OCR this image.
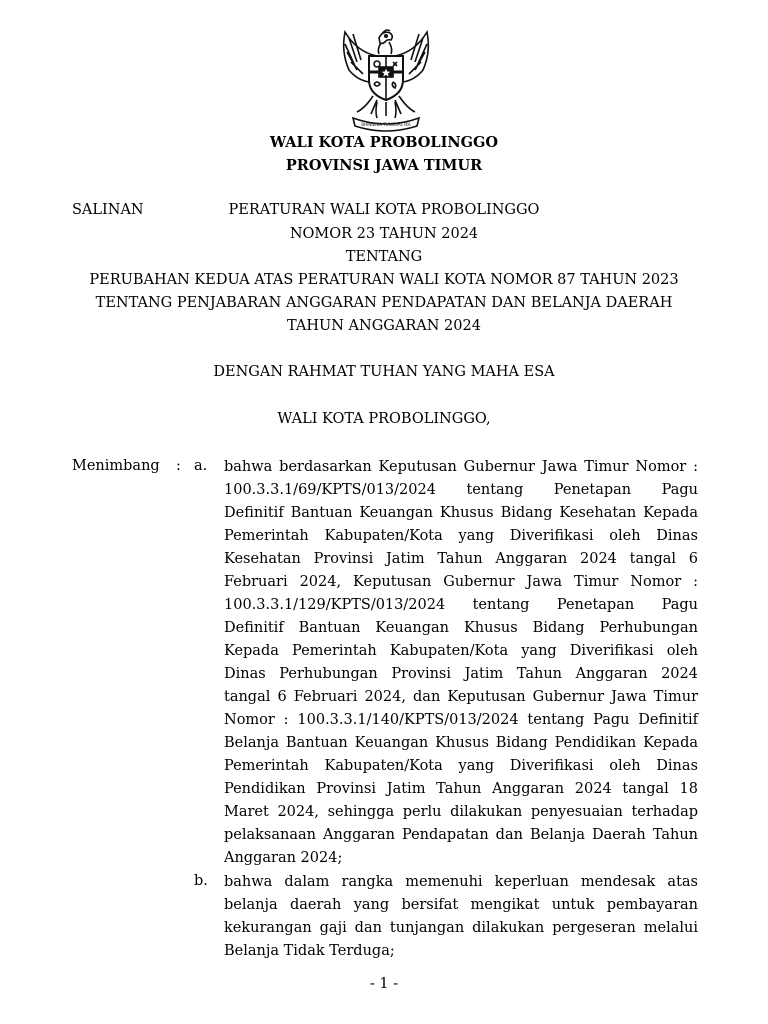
BHINNEKA TUNGGAL IKA
WALI KOTA PROBOLINGGO
PROVINSI JAWA TIMUR
SALINAN	PERATURAN WALI KOTA PROBOLINGGO
NOMOR 23 TAHUN 2024
TENTANG
PERUBAHAN KEDUA ATAS PERATURAN WALI KOTA NOMOR 87 TAHUN 2023
TENTANG PENJABARAN ANGGARAN PENDAPATAN DAN BELANJA DAERAH
TAHUN ANGGARAN 2024
DENGAN RAHMAT TUHAN YANG MAHA ESA
WALI KOTA PROBOLINGGO,
Menimbang : a. bahwa berdasarkan Keputusan Gubernur Jawa Timur Nomor :
100.3.3.1/69/KPTS/013/2024 tentang Penetapan Pagu
Definitif Bantuan Keuangan Khusus Bidang Kesehatan Kepada
Pemerintah Kabupaten/Kota yang Diverifikasi oleh Dinas
Kesehatan Provinsi Jatim Tahun Anggaran 2024 tangal 6
Februari 2024, Keputusan Gubernur Jawa Timur Nomor :
100.3.3.1/129/KPTS/013/2024 tentang Penetapan Pagu
Definitif Bantuan Keuangan Khusus Bidang Perhubungan
Kepada Pemerintah Kabupaten/Kota yang Diverifikasi oleh
Dinas Perhubungan Provinsi Jatim Tahun Anggaran 2024
tangal 6 Februari 2024, dan Keputusan Gubernur Jawa Timur
Nomor : 100.3.3.1/140/KPTS/013/2024 tentang Pagu Definitif
Belanja Bantuan Keuangan Khusus Bidang Pendidikan Kepada
Pemerintah Kabupaten/Kota yang Diverifikasi oleh Dinas
Pendidikan Provinsi Jatim Tahun Anggaran 2024 tangal 18
Maret 2024, sehingga perlu dilakukan penyesuaian terhadap
pelaksanaan Anggaran Pendapatan dan Belanja Daerah Tahun
Anggaran 2024;
b. bahwa dalam rangka memenuhi keperluan mendesak atas
belanja daerah yang bersifat mengikat untuk pembayaran
kekurangan gaji dan tunjangan dilakukan pergeseran melalui
Belanja Tidak Terduga;
- 1 -
